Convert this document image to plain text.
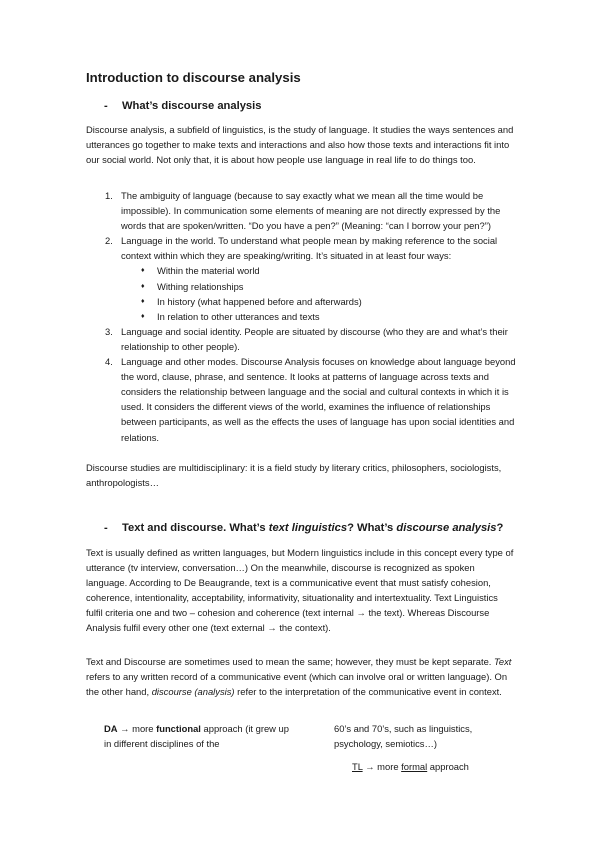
Introduction to discourse analysis
- What’s discourse analysis

Discourse analysis, a subfield of linguistics, is the study of language. It studies the ways sentences and utterances go together to make texts and interactions and also how those texts and interactions fit into our social world. Not only that, it is about how people use language in real life to do things too.

1. The ambiguity of language (because to say exactly what we mean all the time would be impossible). In communication some elements of meaning are not directly expressed by the words that are spoken/written. “Do you have a pen?” (Meaning: “can I borrow your pen?”)
2. Language in the world. To understand what people mean by making reference to the social context within which they are speaking/writing. It’s situated in at least four ways:
♦ Within the material world
♦ Withing relationships
♦ In history (what happened before and afterwards)
♦ In relation to other utterances and texts
3. Language and social identity. People are situated by discourse (who they are and what’s their relationship to other people).
4. Language and other modes. Discourse Analysis focuses on knowledge about language beyond the word, clause, phrase, and sentence. It looks at patterns of language across texts and considers the relationship between language and the social and cultural contexts in which it is used. It considers the different views of the world, examines the influence of relationships between participants, as well as the effects the uses of language has upon social identities and relations.

Discourse studies are multidisciplinary: it is a field study by literary critics, philosophers, sociologists, anthropologists…

- Text and discourse. What’s text linguistics? What’s discourse analysis?

Text is usually defined as written languages, but Modern linguistics include in this concept every type of utterance (tv interview, conversation…) On the meanwhile, discourse is recognized as spoken language. According to De Beaugrande, text is a communicative event that must satisfy cohesion, coherence, intentionality, acceptability, informativity, situationality and intertextuality. Text Linguistics fulfil criteria one and two – cohesion and coherence (text internal → the text). Whereas Discourse Analysis fulfil every other one (text external → the context).

Text and Discourse are sometimes used to mean the same; however, they must be kept separate. Text refers to any written record of a communicative event (which can involve oral or written language). On the other hand, discourse (analysis) refer to the interpretation of the communicative event in context.

DA → more functional approach (it grew up in different disciplines of the
60’s and 70’s, such as linguistics, psychology, semiotics…)
TL → more formal approach
